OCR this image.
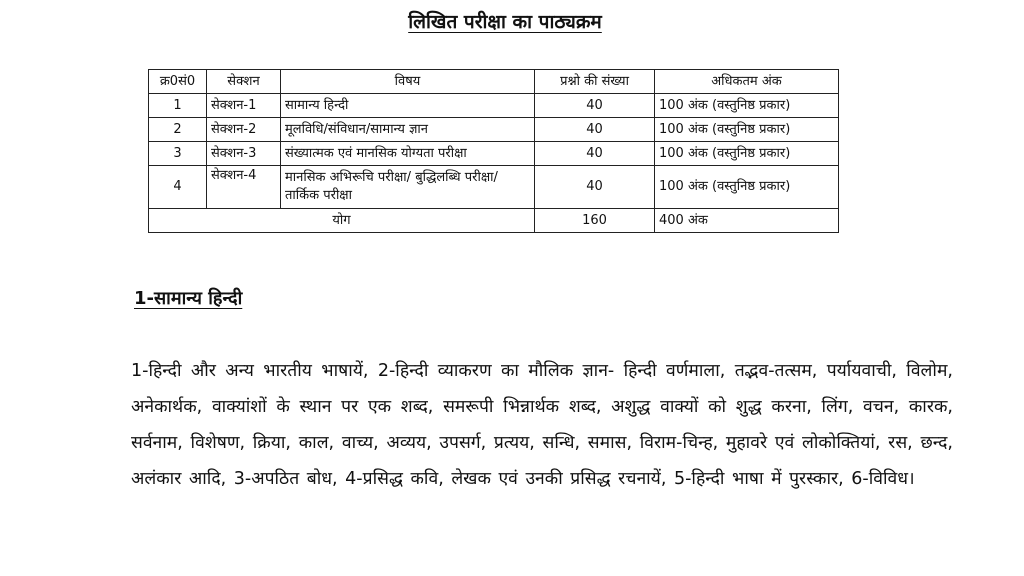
लिखित परीक्षा का पाठ्यक्रम
क्र0सं0	सेक्शन	विषय	प्रश्नो की संख्या	अधिकतम अंक
1	सेक्शन-1	सामान्य हिन्दी	40	100 अंक (वस्तुनिष्ठ प्रकार)
2	सेक्शन-2	मूलविधि/संविधान/सामान्य ज्ञान	40	100 अंक (वस्तुनिष्ठ प्रकार)
3	सेक्शन-3	संख्यात्मक एवं मानसिक योग्यता परीक्षा	40	100 अंक (वस्तुनिष्ठ प्रकार)
4	सेक्शन-4	मानसिक अभिरूचि परीक्षा/ बुद्धिलब्धि परीक्षा/ तार्किक परीक्षा	40	100 अंक (वस्तुनिष्ठ प्रकार)
योग			160	400 अंक
1-सामान्य हिन्दी

1-हिन्दी और अन्य भारतीय भाषायें, 2-हिन्दी व्याकरण का मौलिक ज्ञान- हिन्दी वर्णमाला, तद्भव-तत्सम, पर्यायवाची, विलोम, अनेकार्थक, वाक्यांशों के स्थान पर एक शब्द, समरूपी भिन्नार्थक शब्द, अशुद्ध वाक्यों को शुद्ध करना, लिंग, वचन, कारक, सर्वनाम, विशेषण, क्रिया, काल, वाच्य, अव्यय, उपसर्ग, प्रत्यय, सन्धि, समास, विराम-चिन्ह, मुहावरे एवं लोकोक्तियां, रस, छन्द, अलंकार आदि, 3-अपठित बोध, 4-प्रसिद्ध कवि, लेखक एवं उनकी प्रसिद्ध रचनायें, 5-हिन्दी भाषा में पुरस्कार, 6-विविध।
